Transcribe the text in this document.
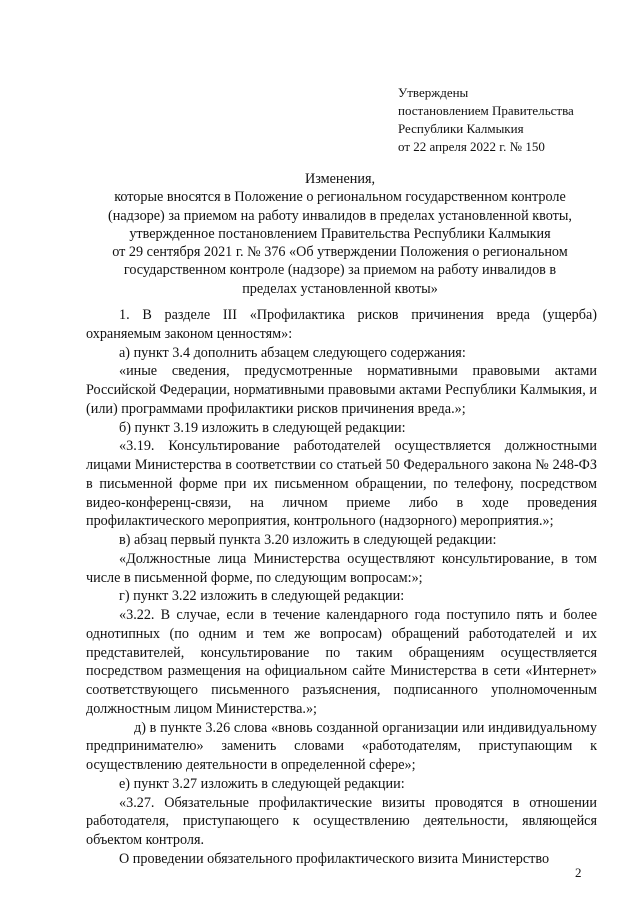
Утверждены
постановлением Правительства
Республики Калмыкия
от 22 апреля 2022 г. № 150
Изменения,
которые вносятся в Положение о региональном государственном контроле
(надзоре) за приемом на работу инвалидов в пределах установленной квоты,
утвержденное постановлением Правительства Республики Калмыкия
от 29 сентября 2021 г. № 376 «Об утверждении Положения о региональном
государственном контроле (надзоре) за приемом на работу инвалидов в
пределах установленной квоты»
1. В разделе III «Профилактика рисков причинения вреда (ущерба) охраняемым законом ценностям»:
а) пункт 3.4 дополнить абзацем следующего содержания:
«иные сведения, предусмотренные нормативными правовыми актами Российской Федерации, нормативными правовыми актами Республики Калмыкия, и (или) программами профилактики рисков причинения вреда.»;
б) пункт 3.19 изложить в следующей редакции:
«3.19. Консультирование работодателей осуществляется должностными лицами Министерства в соответствии со статьей 50 Федерального закона № 248-ФЗ в письменной форме при их письменном обращении, по телефону, посредством видео-конференц-связи, на личном приеме либо в ходе проведения профилактического мероприятия, контрольного (надзорного) мероприятия.»;
в) абзац первый пункта 3.20 изложить в следующей редакции:
«Должностные лица Министерства осуществляют консультирование, в том числе в письменной форме, по следующим вопросам:»;
г) пункт 3.22 изложить в следующей редакции:
«3.22. В случае, если в течение календарного года поступило пять и более однотипных (по одним и тем же вопросам) обращений работодателей и их представителей, консультирование по таким обращениям осуществляется посредством размещения на официальном сайте Министерства в сети «Интернет» соответствующего письменного разъяснения, подписанного уполномоченным должностным лицом Министерства.»;
д) в пункте 3.26 слова «вновь созданной организации или индивидуальному предпринимателю» заменить словами «работодателям, приступающим к осуществлению деятельности в определенной сфере»;
е) пункт 3.27 изложить в следующей редакции:
«3.27. Обязательные профилактические визиты проводятся в отношении работодателя, приступающего к осуществлению деятельности, являющейся объектом контроля.
О проведении обязательного профилактического визита Министерство
2
